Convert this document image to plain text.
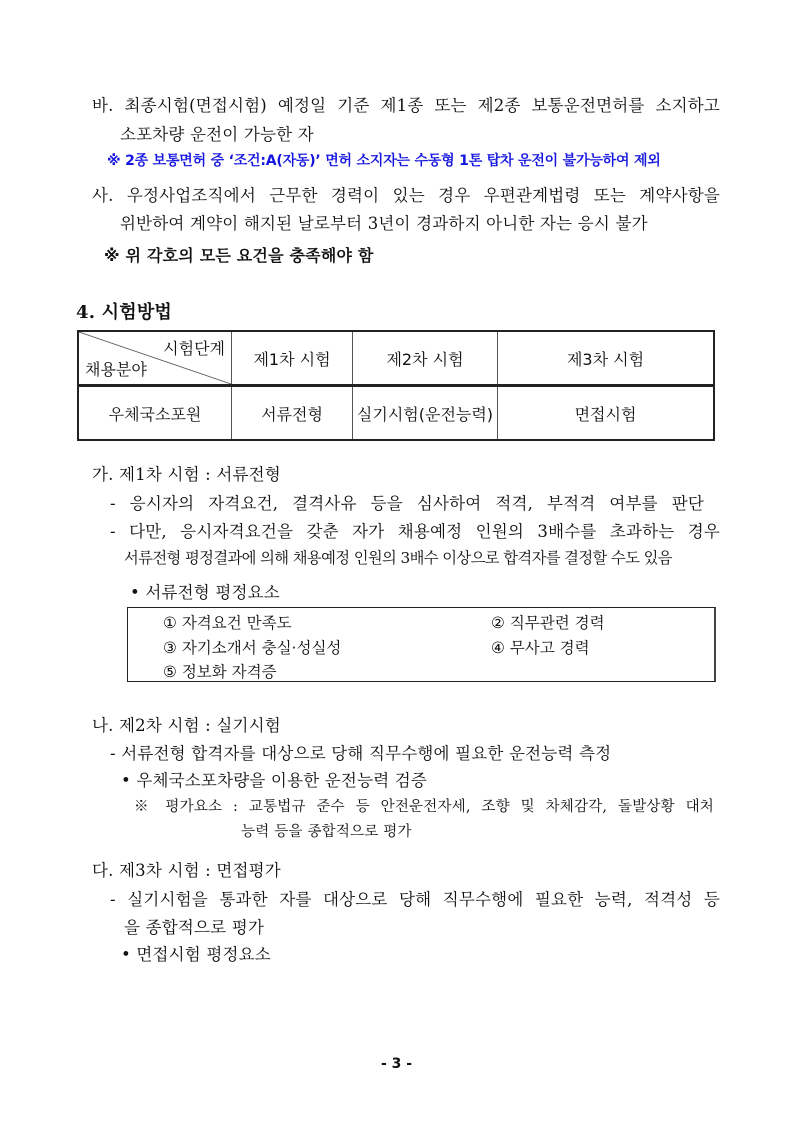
바. 최종시험(면접시험) 예정일 기준 제1종 또는 제2종 보통운전면허를 소지하고
소포차량 운전이 가능한 자
※ 2종 보통면허 중 ‘조건:A(자동)’ 면허 소지자는 수동형 1톤 탑차 운전이 불가능하여 제외
사. 우정사업조직에서 근무한 경력이 있는 경우 우편관계법령 또는 계약사항을
위반하여 계약이 해지된 날로부터 3년이 경과하지 아니한 자는 응시 불가
※ 위 각호의 모든 요건을 충족해야 함
4. 시험방법
시험단계
채용분야	제1차 시험	제2차 시험	제3차 시험
우체국소포원	서류전형	실기시험(운전능력)	면접시험
가. 제1차 시험 : 서류전형
- 응시자의 자격요건, 결격사유 등을 심사하여 적격, 부적격 여부를 판단
- 다만, 응시자격요건을 갖춘 자가 채용예정 인원의 3배수를 초과하는 경우
서류전형 평정결과에 의해 채용예정 인원의 3배수 이상으로 합격자를 결정할 수도 있음
• 서류전형 평정요소
① 자격요건 만족도	② 직무관련 경력
③ 자기소개서 충실·성실성	④ 무사고 경력
⑤ 정보화 자격증
나. 제2차 시험 : 실기시험
- 서류전형 합격자를 대상으로 당해 직무수행에 필요한 운전능력 측정
• 우체국소포차량을 이용한 운전능력 검증
※ 평가요소 : 교통법규 준수 등 안전운전자세, 조향 및 차체감각, 돌발상황 대처
능력 등을 종합적으로 평가
다. 제3차 시험 : 면접평가
- 실기시험을 통과한 자를 대상으로 당해 직무수행에 필요한 능력, 적격성 등
을 종합적으로 평가
• 면접시험 평정요소
- 3 -
